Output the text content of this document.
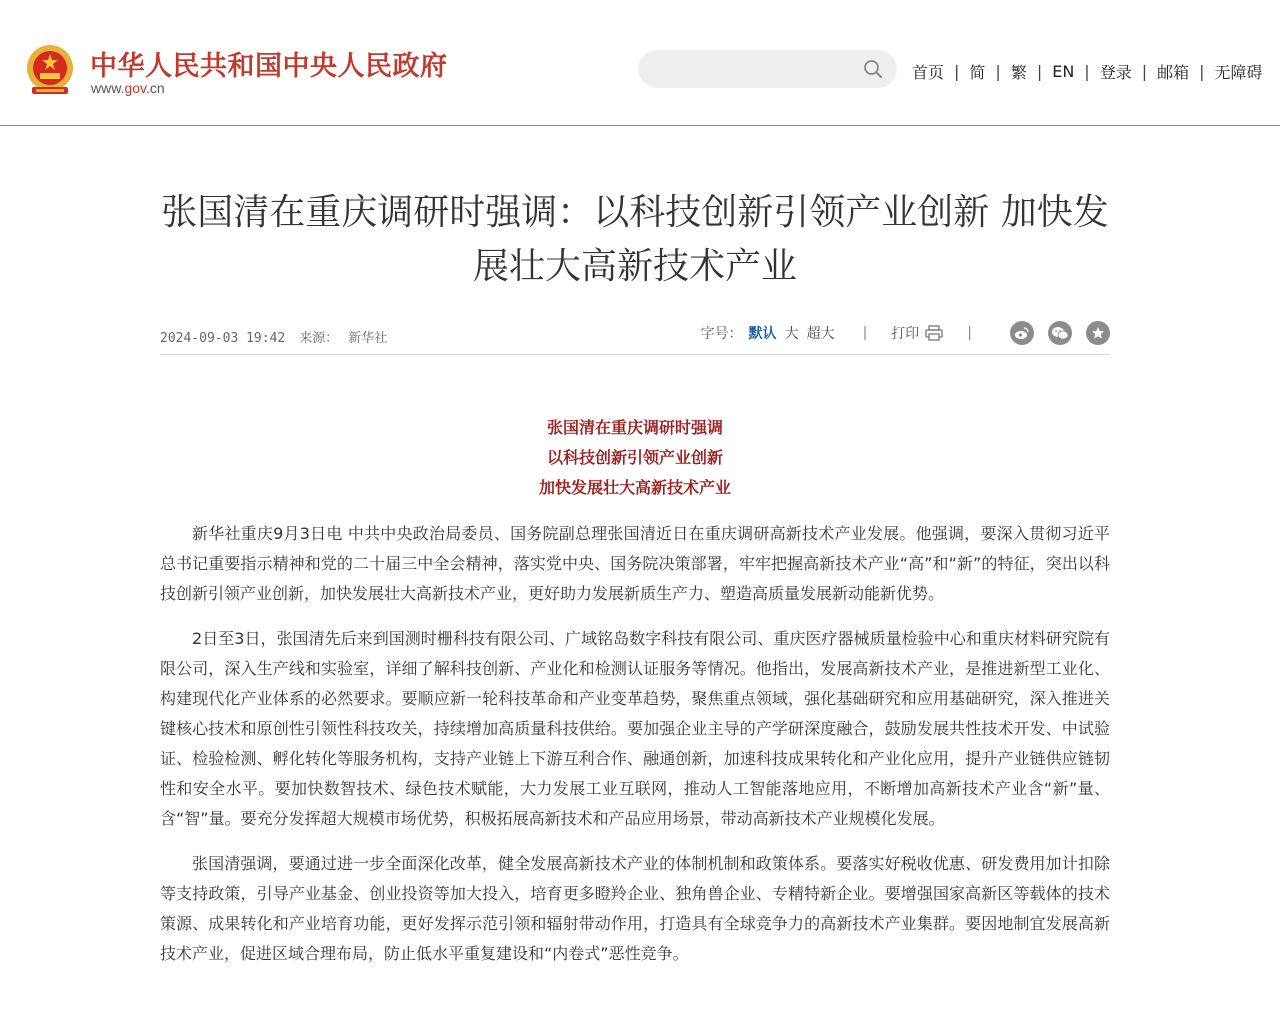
中华人民共和国中央人民政府
www.gov.cn
首页 | 简 | 繁 | EN | 登录 | 邮箱 | 无障碍
张国清在重庆调研时强调：以科技创新引领产业创新 加快发展壮大高新技术产业
2024-09-03 19:42 来源： 新华社	字号： 默认 大 超大 | 打印	|
张国清在重庆调研时强调
以科技创新引领产业创新
加快发展壮大高新技术产业

新华社重庆9月3日电 中共中央政治局委员、国务院副总理张国清近日在重庆调研高新技术产业发展。他强调，要深入贯彻习近平总书记重要指示精神和党的二十届三中全会精神，落实党中央、国务院决策部署，牢牢把握高新技术产业“高”和“新”的特征，突出以科技创新引领产业创新，加快发展壮大高新技术产业，更好助力发展新质生产力、塑造高质量发展新动能新优势。

2日至3日，张国清先后来到国测时栅科技有限公司、广域铭岛数字科技有限公司、重庆医疗器械质量检验中心和重庆材料研究院有限公司，深入生产线和实验室，详细了解科技创新、产业化和检测认证服务等情况。他指出，发展高新技术产业，是推进新型工业化、构建现代化产业体系的必然要求。要顺应新一轮科技革命和产业变革趋势，聚焦重点领域，强化基础研究和应用基础研究，深入推进关键核心技术和原创性引领性科技攻关，持续增加高质量科技供给。要加强企业主导的产学研深度融合，鼓励发展共性技术开发、中试验证、检验检测、孵化转化等服务机构，支持产业链上下游互利合作、融通创新，加速科技成果转化和产业化应用，提升产业链供应链韧性和安全水平。要加快数智技术、绿色技术赋能，大力发展工业互联网，推动人工智能落地应用，不断增加高新技术产业含“新”量、含“智”量。要充分发挥超大规模市场优势，积极拓展高新技术和产品应用场景，带动高新技术产业规模化发展。

张国清强调，要通过进一步全面深化改革，健全发展高新技术产业的体制机制和政策体系。要落实好税收优惠、研发费用加计扣除等支持政策，引导产业基金、创业投资等加大投入，培育更多瞪羚企业、独角兽企业、专精特新企业。要增强国家高新区等载体的技术策源、成果转化和产业培育功能，更好发挥示范引领和辐射带动作用，打造具有全球竞争力的高新技术产业集群。要因地制宜发展高新技术产业，促进区域合理布局，防止低水平重复建设和“内卷式”恶性竞争。
